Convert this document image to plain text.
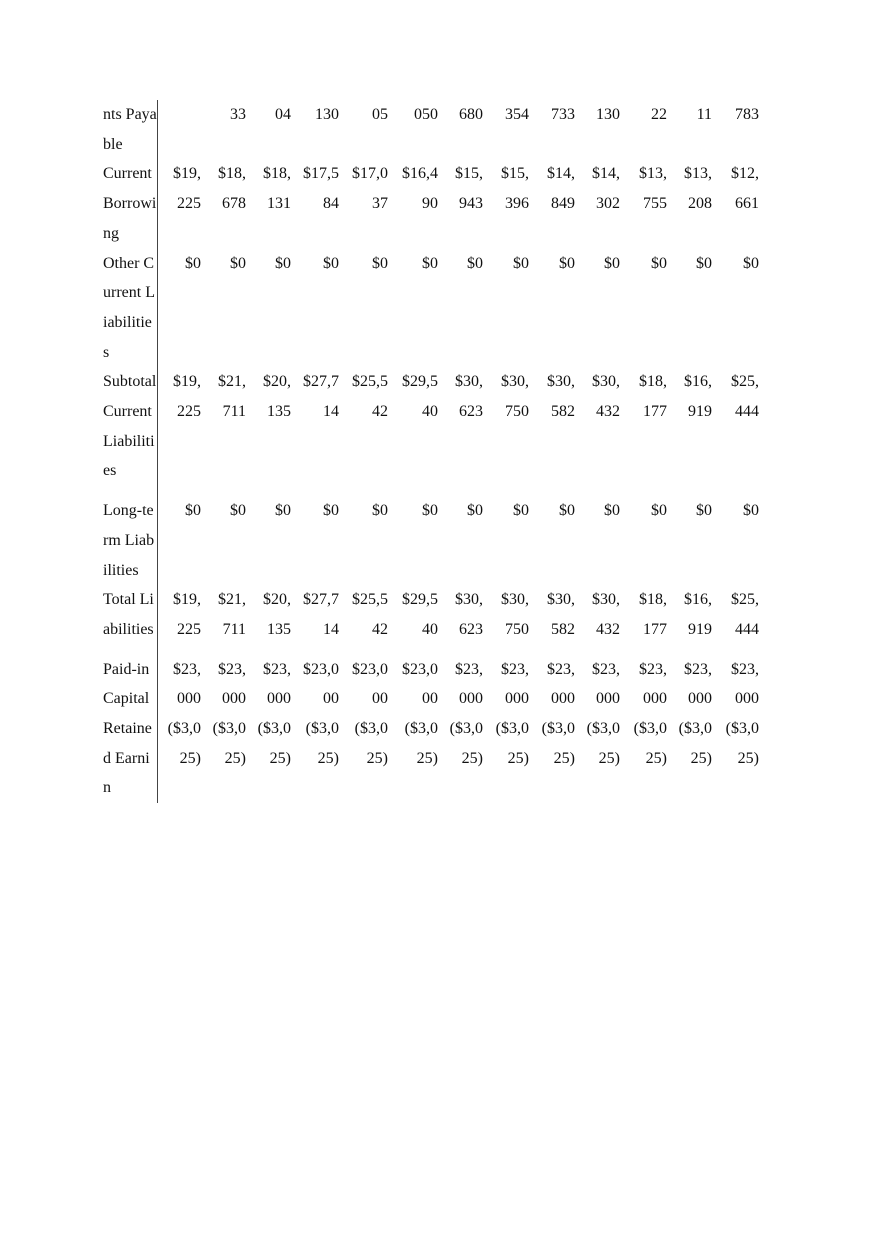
nts Payable		33	04	130	05	050	680	354	733	130	22	11	783
Current Borrowing	$19,225	$18,678	$18,131	$17,584	$17,037	$16,490	$15,943	$15,396	$14,849	$14,302	$13,755	$13,208	$12,661
Other Current Liabilities	$0	$0	$0	$0	$0	$0	$0	$0	$0	$0	$0	$0	$0
Subtotal Current Liabilities	$19,225	$21,711	$20,135	$27,714	$25,542	$29,540	$30,623	$30,750	$30,582	$30,432	$18,177	$16,919	$25,444

Long-term Liabilities	$0	$0	$0	$0	$0	$0	$0	$0	$0	$0	$0	$0	$0
Total Liabilities	$19,225	$21,711	$20,135	$27,714	$25,542	$29,540	$30,623	$30,750	$30,582	$30,432	$18,177	$16,919	$25,444

Paid-in Capital	$23,000	$23,000	$23,000	$23,000	$23,000	$23,000	$23,000	$23,000	$23,000	$23,000	$23,000	$23,000	$23,000
Retained Earnin	($3,025)	($3,025)	($3,025)	($3,025)	($3,025)	($3,025)	($3,025)	($3,025)	($3,025)	($3,025)	($3,025)	($3,025)	($3,025)
